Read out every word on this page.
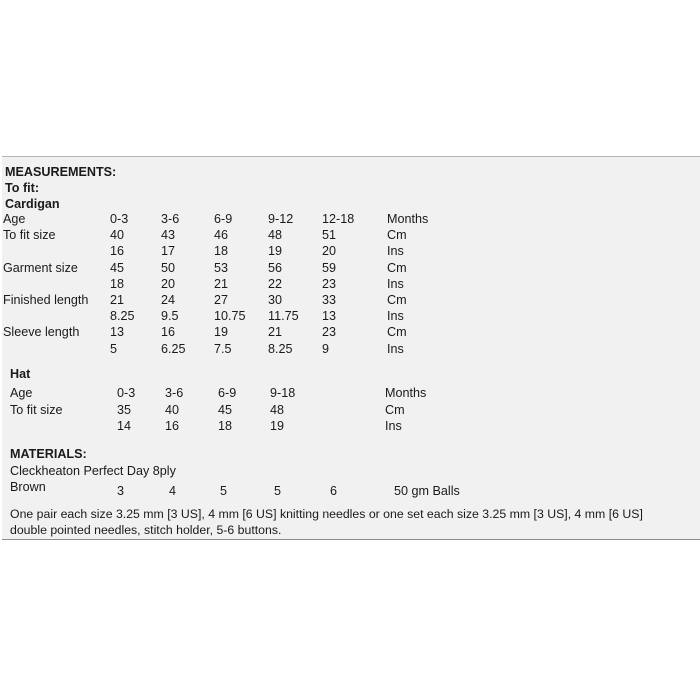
MEASUREMENTS:
To fit:
Cardigan
Age	0-3	3-6	6-9	9-12 12-18	Months
To fit size	40	43	46	48	51	Cm
16	17	18	19	20	Ins
Garment size	45	50	53	56	59	Cm
18	20	21	22	23	Ins
Finished length 21	24	27	30	33	Cm
8.25 9.5	10.75 11.75 13	Ins
Sleeve length 13	16	19	21	23	Cm
5	6.25 7.5	8.25 9	Ins
Hat
Age	0-3 3-6	6-9	9-18	Months
To fit size	35	40	45	48	Cm
14	16	18	19	Ins
MATERIALS:
Cleckheaton Perfect Day 8ply
Brown	3	4	5	5	6	50 gm Balls
One pair each size 3.25 mm [3 US], 4 mm [6 US] knitting needles or one set each size 3.25 mm [3 US], 4 mm [6 US]
double pointed needles, stitch holder, 5-6 buttons.
